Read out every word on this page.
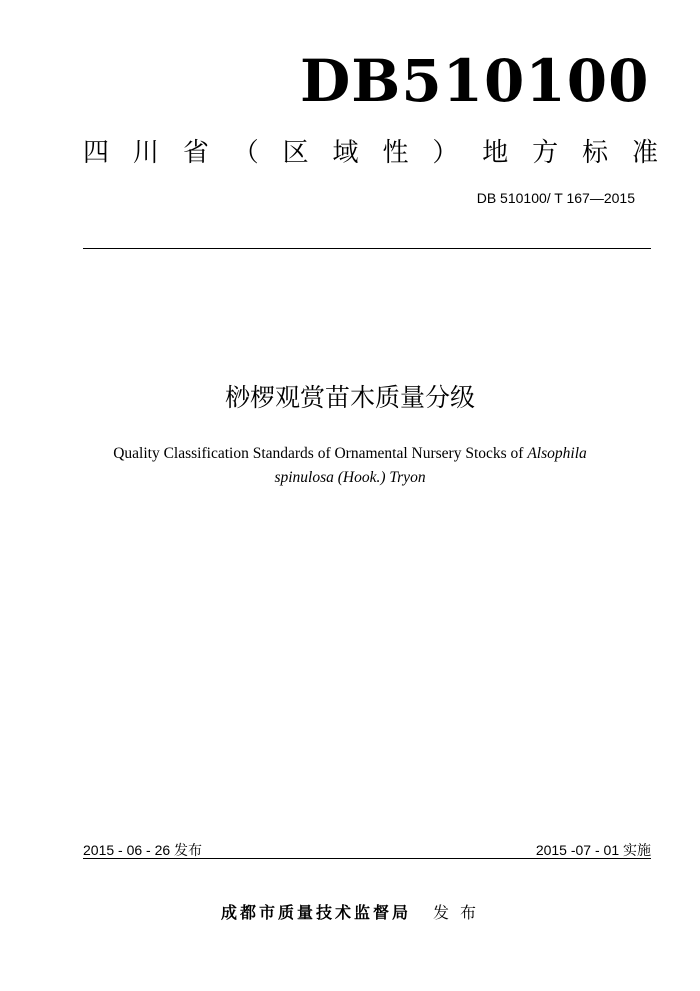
DB510100
四 川 省 （ 区 域 性 ） 地 方 标 准
DB 510100/ T 167—2015
桫椤观赏苗木质量分级
Quality Classification Standards of Ornamental Nursery Stocks of Alsophila
spinulosa (Hook.) Tryon
2015 - 06 - 26 发布	2015 -07 - 01 实施
成都市质量技术监督局 发 布
